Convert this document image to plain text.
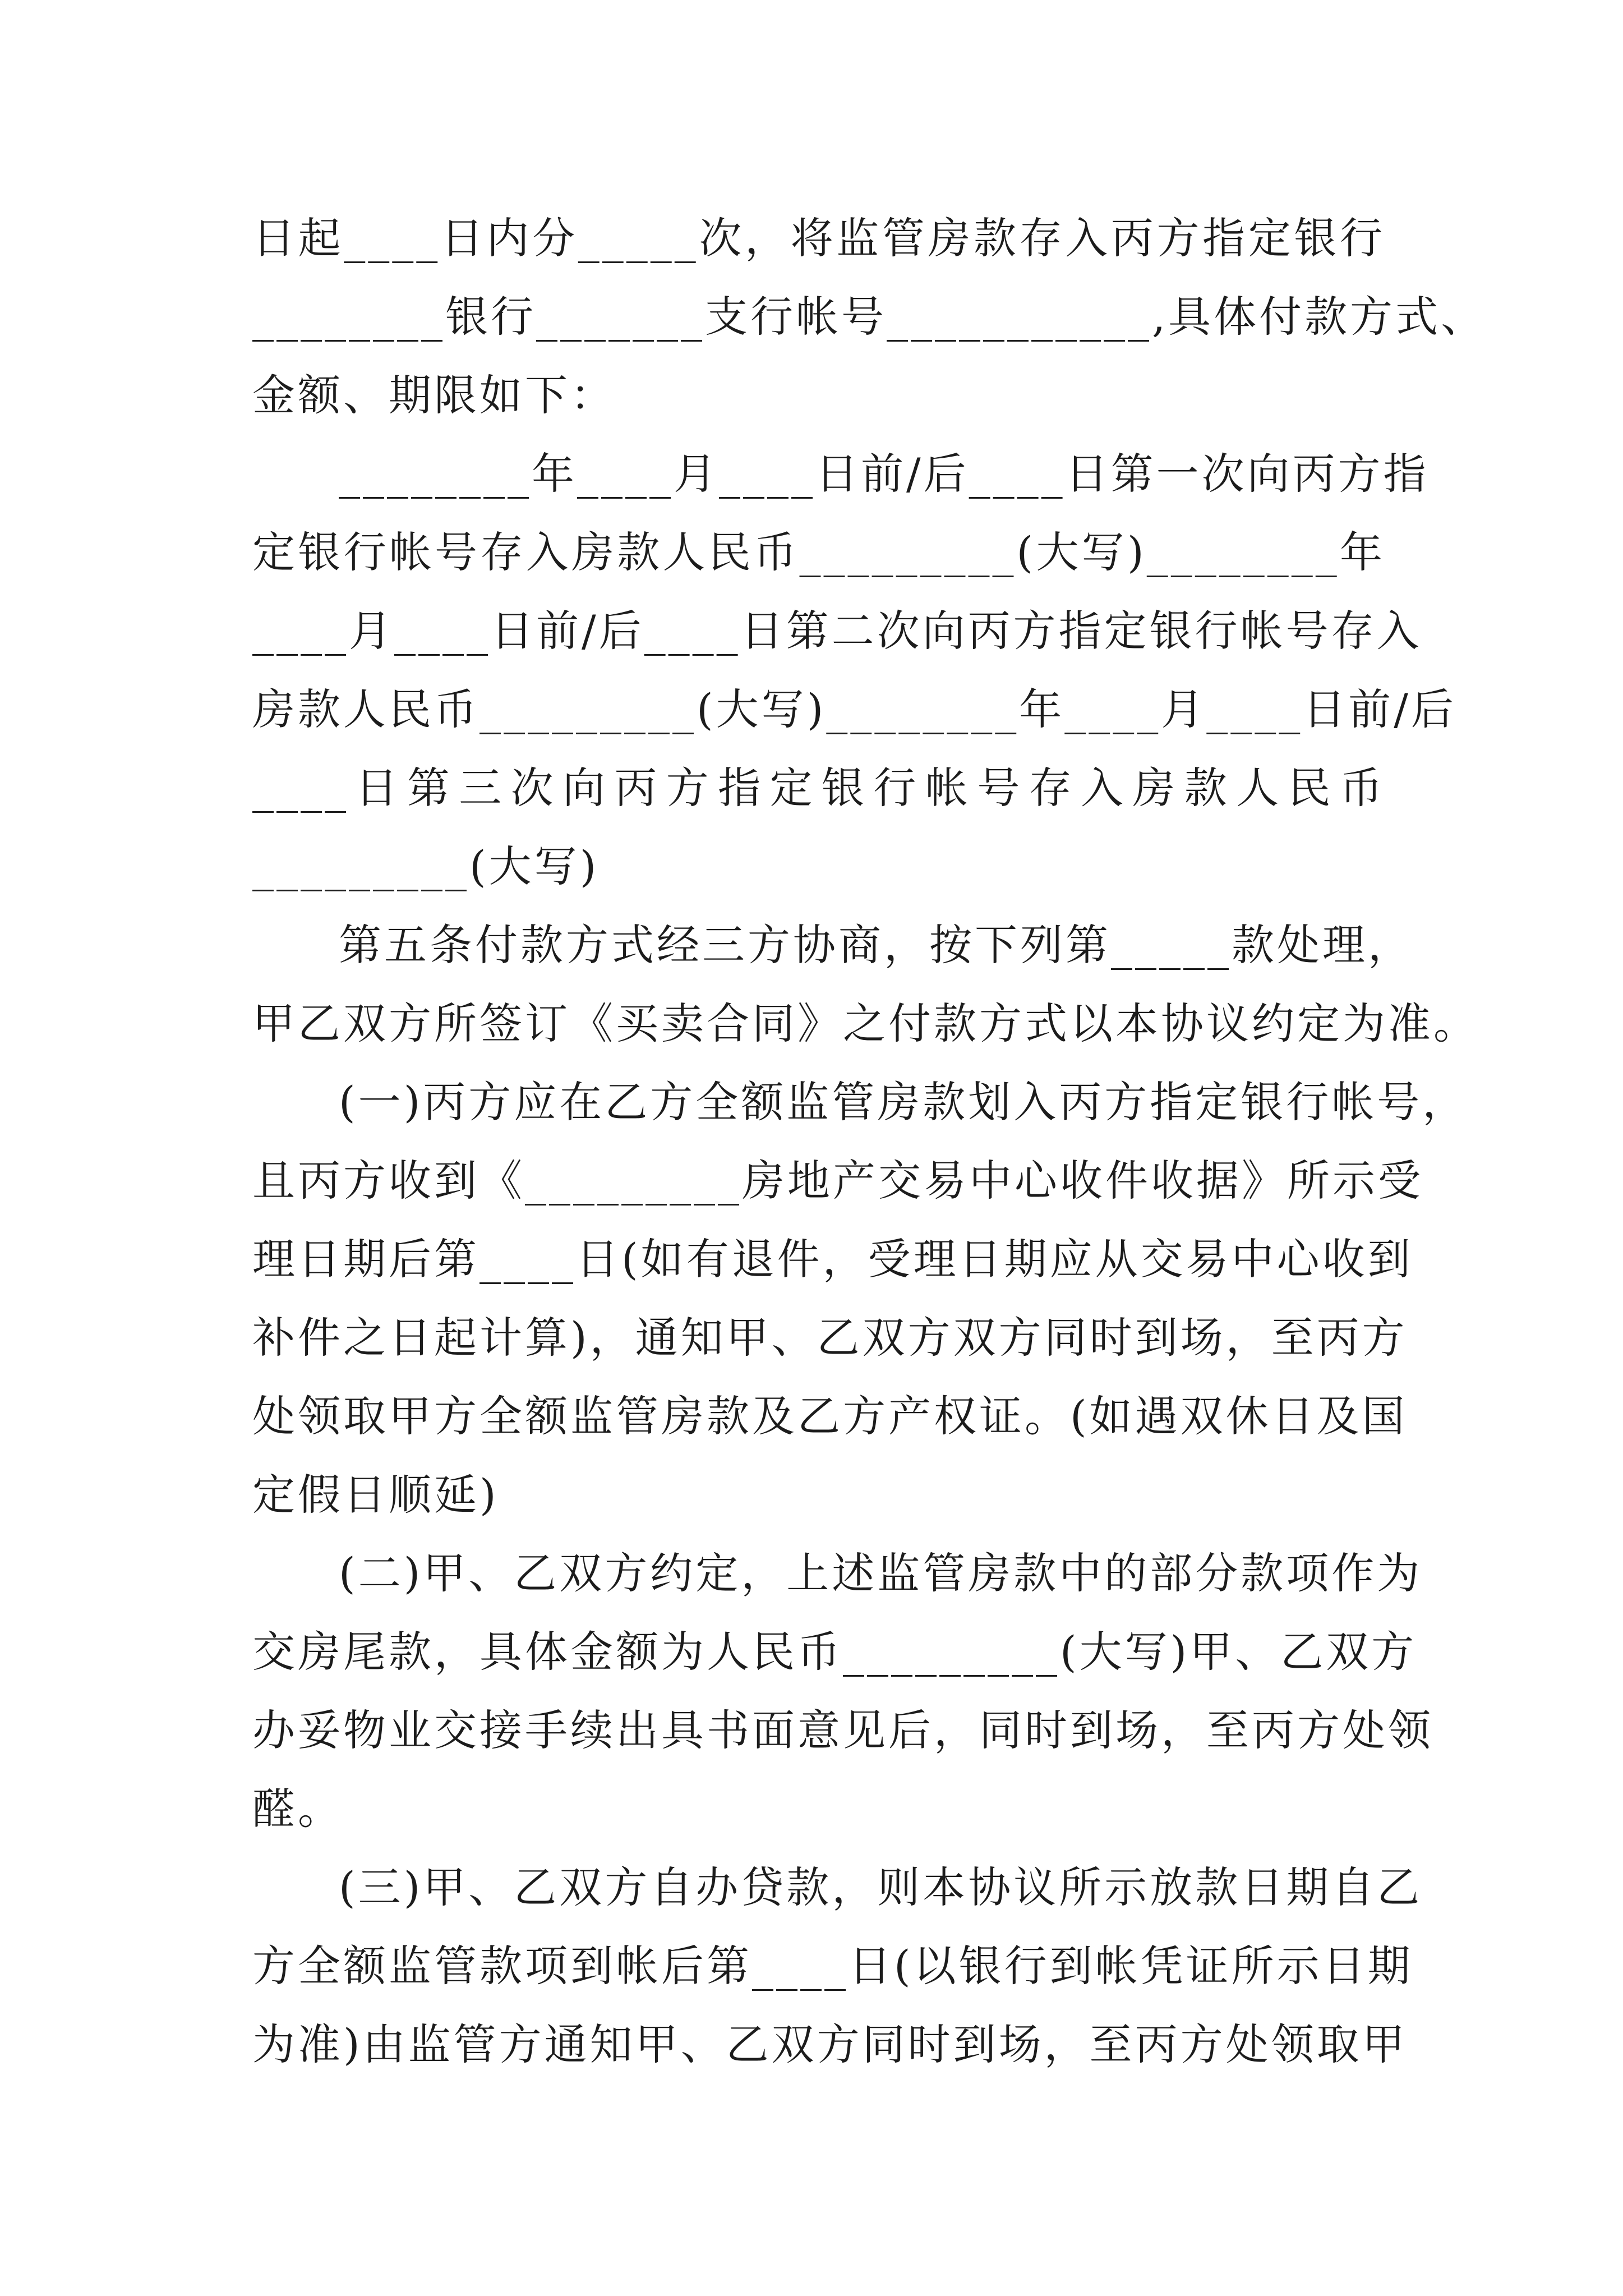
日起____日内分_____次，将监管房款存入丙方指定银行
________银行_______支行帐号___________,具体付款方式、
金额、期限如下：
________年____月____日前/后____日第一次向丙方指
定银行帐号存入房款人民币_________(大写)________年
____月____日前/后____日第二次向丙方指定银行帐号存入
房款人民币_________(大写)________年____月____日前/后
____日第三次向丙方指定银行帐号存入房款人民币
_________(大写)
第五条付款方式经三方协商，按下列第_____款处理，
甲乙双方所签订《买卖合同》之付款方式以本协议约定为准。
(一)丙方应在乙方全额监管房款划入丙方指定银行帐号，
且丙方收到《_________房地产交易中心收件收据》所示受
理日期后第____日(如有退件，受理日期应从交易中心收到
补件之日起计算)，通知甲、乙双方双方同时到场，至丙方
处领取甲方全额监管房款及乙方产权证。(如遇双休日及国
定假日顺延)
(二)甲、乙双方约定，上述监管房款中的部分款项作为
交房尾款，具体金额为人民币_________(大写)甲、乙双方
办妥物业交接手续出具书面意见后，同时到场，至丙方处领
醛。
(三)甲、乙双方自办贷款，则本协议所示放款日期自乙
方全额监管款项到帐后第____日(以银行到帐凭证所示日期
为准)由监管方通知甲、乙双方同时到场，至丙方处领取甲
